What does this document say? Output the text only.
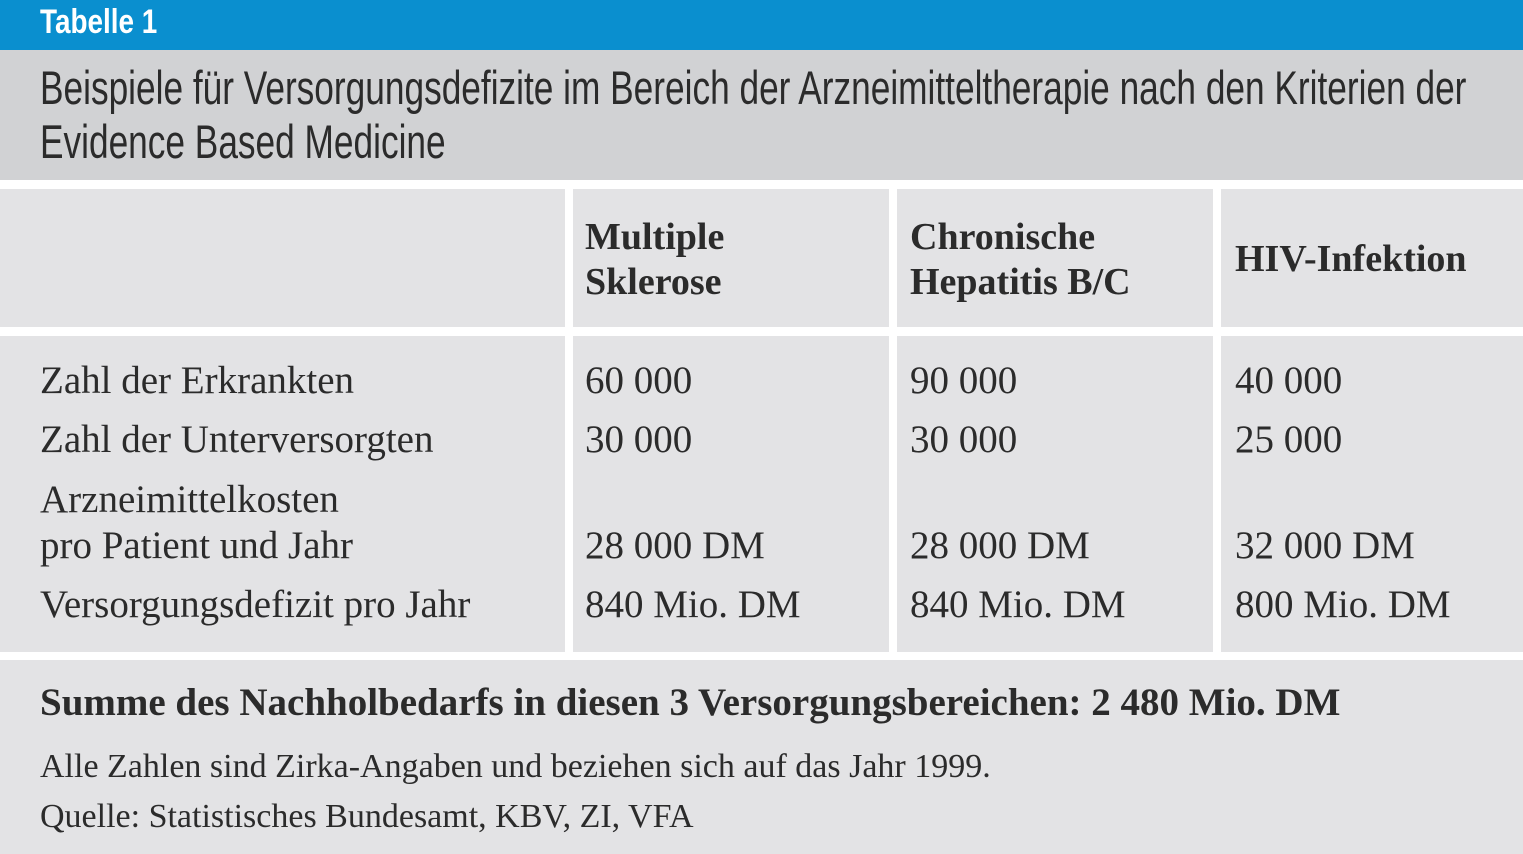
Tabelle 1
Beispiele für Versorgungsdefizite im Bereich der Arzneimitteltherapie nach den Kriterien der
Evidence Based Medicine

Multiple

Sklerose

Chronische

Hepatitis B/C

HIV-Infektion

Zahl der Erkrankten

Zahl der Unterversorgten

Arzneimittelkosten

pro Patient und Jahr

Versorgungsdefizit pro Jahr

60 000

30 000

28 000 DM

840 Mio. DM

90 000

30 000

28 000 DM

840 Mio. DM

40 000

25 000

32 000 DM

800 Mio. DM

Summe des Nachholbedarfs in diesen 3 Versorgungsbereichen: 2 480 Mio. DM

Alle Zahlen sind Zirka-Angaben und beziehen sich auf das Jahr 1999.

Quelle: Statistisches Bundesamt, KBV, ZI, VFA
